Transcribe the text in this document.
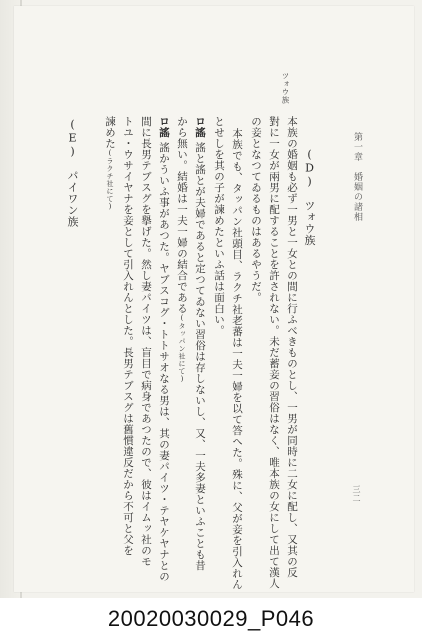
第一章　婚姻の諸相
三二
(D)　ツォウ族
ツォウ族
本族の婚姻も必ず一男と一女との間に行ふべきものとし、一男が同時に二女に配し、又其の反
對に一女が兩男に配することを許されない。未だ蓄妾の習俗はなく、唯本族の女にして出て漢人
の妾となつてゐるものはあるやうだ。
本族でも、タッパン社頭目、ラクチ社老蕃は一夫一婦を以て答へた。殊に、父が妾を引入れん
とせしを其の子が諫めたといふ話は面白い。
ロ謠
謠と謠とが夫婦であると定つてゐない習俗は存しないし、又、一夫多妻といふことも昔
から無い。結婚は一夫一婦の結合である(タッパン社にて)
ロ謠
謠かういふ事があつた。ヤブスコグ・トトサオなる男は、其の妻パイツ・テヤケヤナとの
間に長男テブスグを擧げた。然し妻パイツは、盲目で病身であつたので、彼はイムッ社のモ
トユ・ウサイヤナを妾として引入れんとした。長男テブスグは舊慣違反だから不可と父を
諫めた(ラクチ社にて)
(E)　パイワン族
20020030029_P046
